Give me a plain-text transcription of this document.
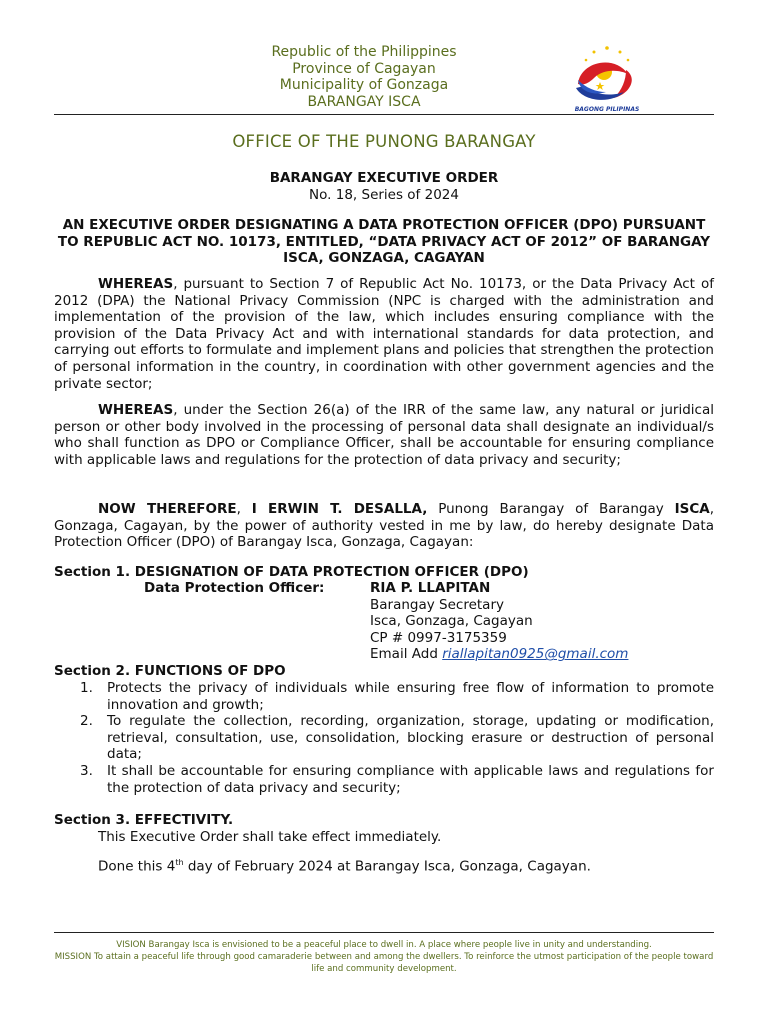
Republic of the Philippines
Province of Cagayan
Municipality of Gonzaga
BARANGAY ISCA	BAGONG PILIPINAS
OFFICE OF THE PUNONG BARANGAY
BARANGAY EXECUTIVE ORDER
No. 18, Series of 2024
AN EXECUTIVE ORDER DESIGNATING A DATA PROTECTION OFFICER (DPO) PURSUANT TO REPUBLIC ACT NO. 10173, ENTITLED, “DATA PRIVACY ACT OF 2012” OF BARANGAY ISCA, GONZAGA, CAGAYAN

WHEREAS, pursuant to Section 7 of Republic Act No. 10173, or the Data Privacy Act of 2012 (DPA) the National Privacy Commission (NPC is charged with the administration and implementation of the provision of the law, which includes ensuring compliance with the provision of the Data Privacy Act and with international standards for data protection, and carrying out efforts to formulate and implement plans and policies that strengthen the protection of personal information in the country, in coordination with other government agencies and the private sector;

WHEREAS, under the Section 26(a) of the IRR of the same law, any natural or juridical person or other body involved in the processing of personal data shall designate an individual/s who shall function as DPO or Compliance Officer, shall be accountable for ensuring compliance with applicable laws and regulations for the protection of data privacy and security;

NOW THEREFORE, I ERWIN T. DESALLA, Punong Barangay of Barangay ISCA, Gonzaga, Cagayan, by the power of authority vested in me by law, do hereby designate Data Protection Officer (DPO) of Barangay Isca, Gonzaga, Cagayan:

Section 1. DESIGNATION OF DATA PROTECTION OFFICER (DPO)
Data Protection Officer:	RIA P. LLAPITAN
Barangay Secretary
Isca, Gonzaga, Cagayan
CP # 0997-3175359
Email Add riallapitan0925@gmail.com
Section 2. FUNCTIONS OF DPO
1. Protects the privacy of individuals while ensuring free flow of information to promote innovation and growth;
2. To regulate the collection, recording, organization, storage, updating or modification, retrieval, consultation, use, consolidation, blocking erasure or destruction of personal data;
3. It shall be accountable for ensuring compliance with applicable laws and regulations for the protection of data privacy and security;
Section 3. EFFECTIVITY.
This Executive Order shall take effect immediately.
Done this 4th day of February 2024 at Barangay Isca, Gonzaga, Cagayan.
VISION Barangay Isca is envisioned to be a peaceful place to dwell in. A place where people live in unity and understanding.
MISSION To attain a peaceful life through good camaraderie between and among the dwellers. To reinforce the utmost participation of the people toward life and community development.
